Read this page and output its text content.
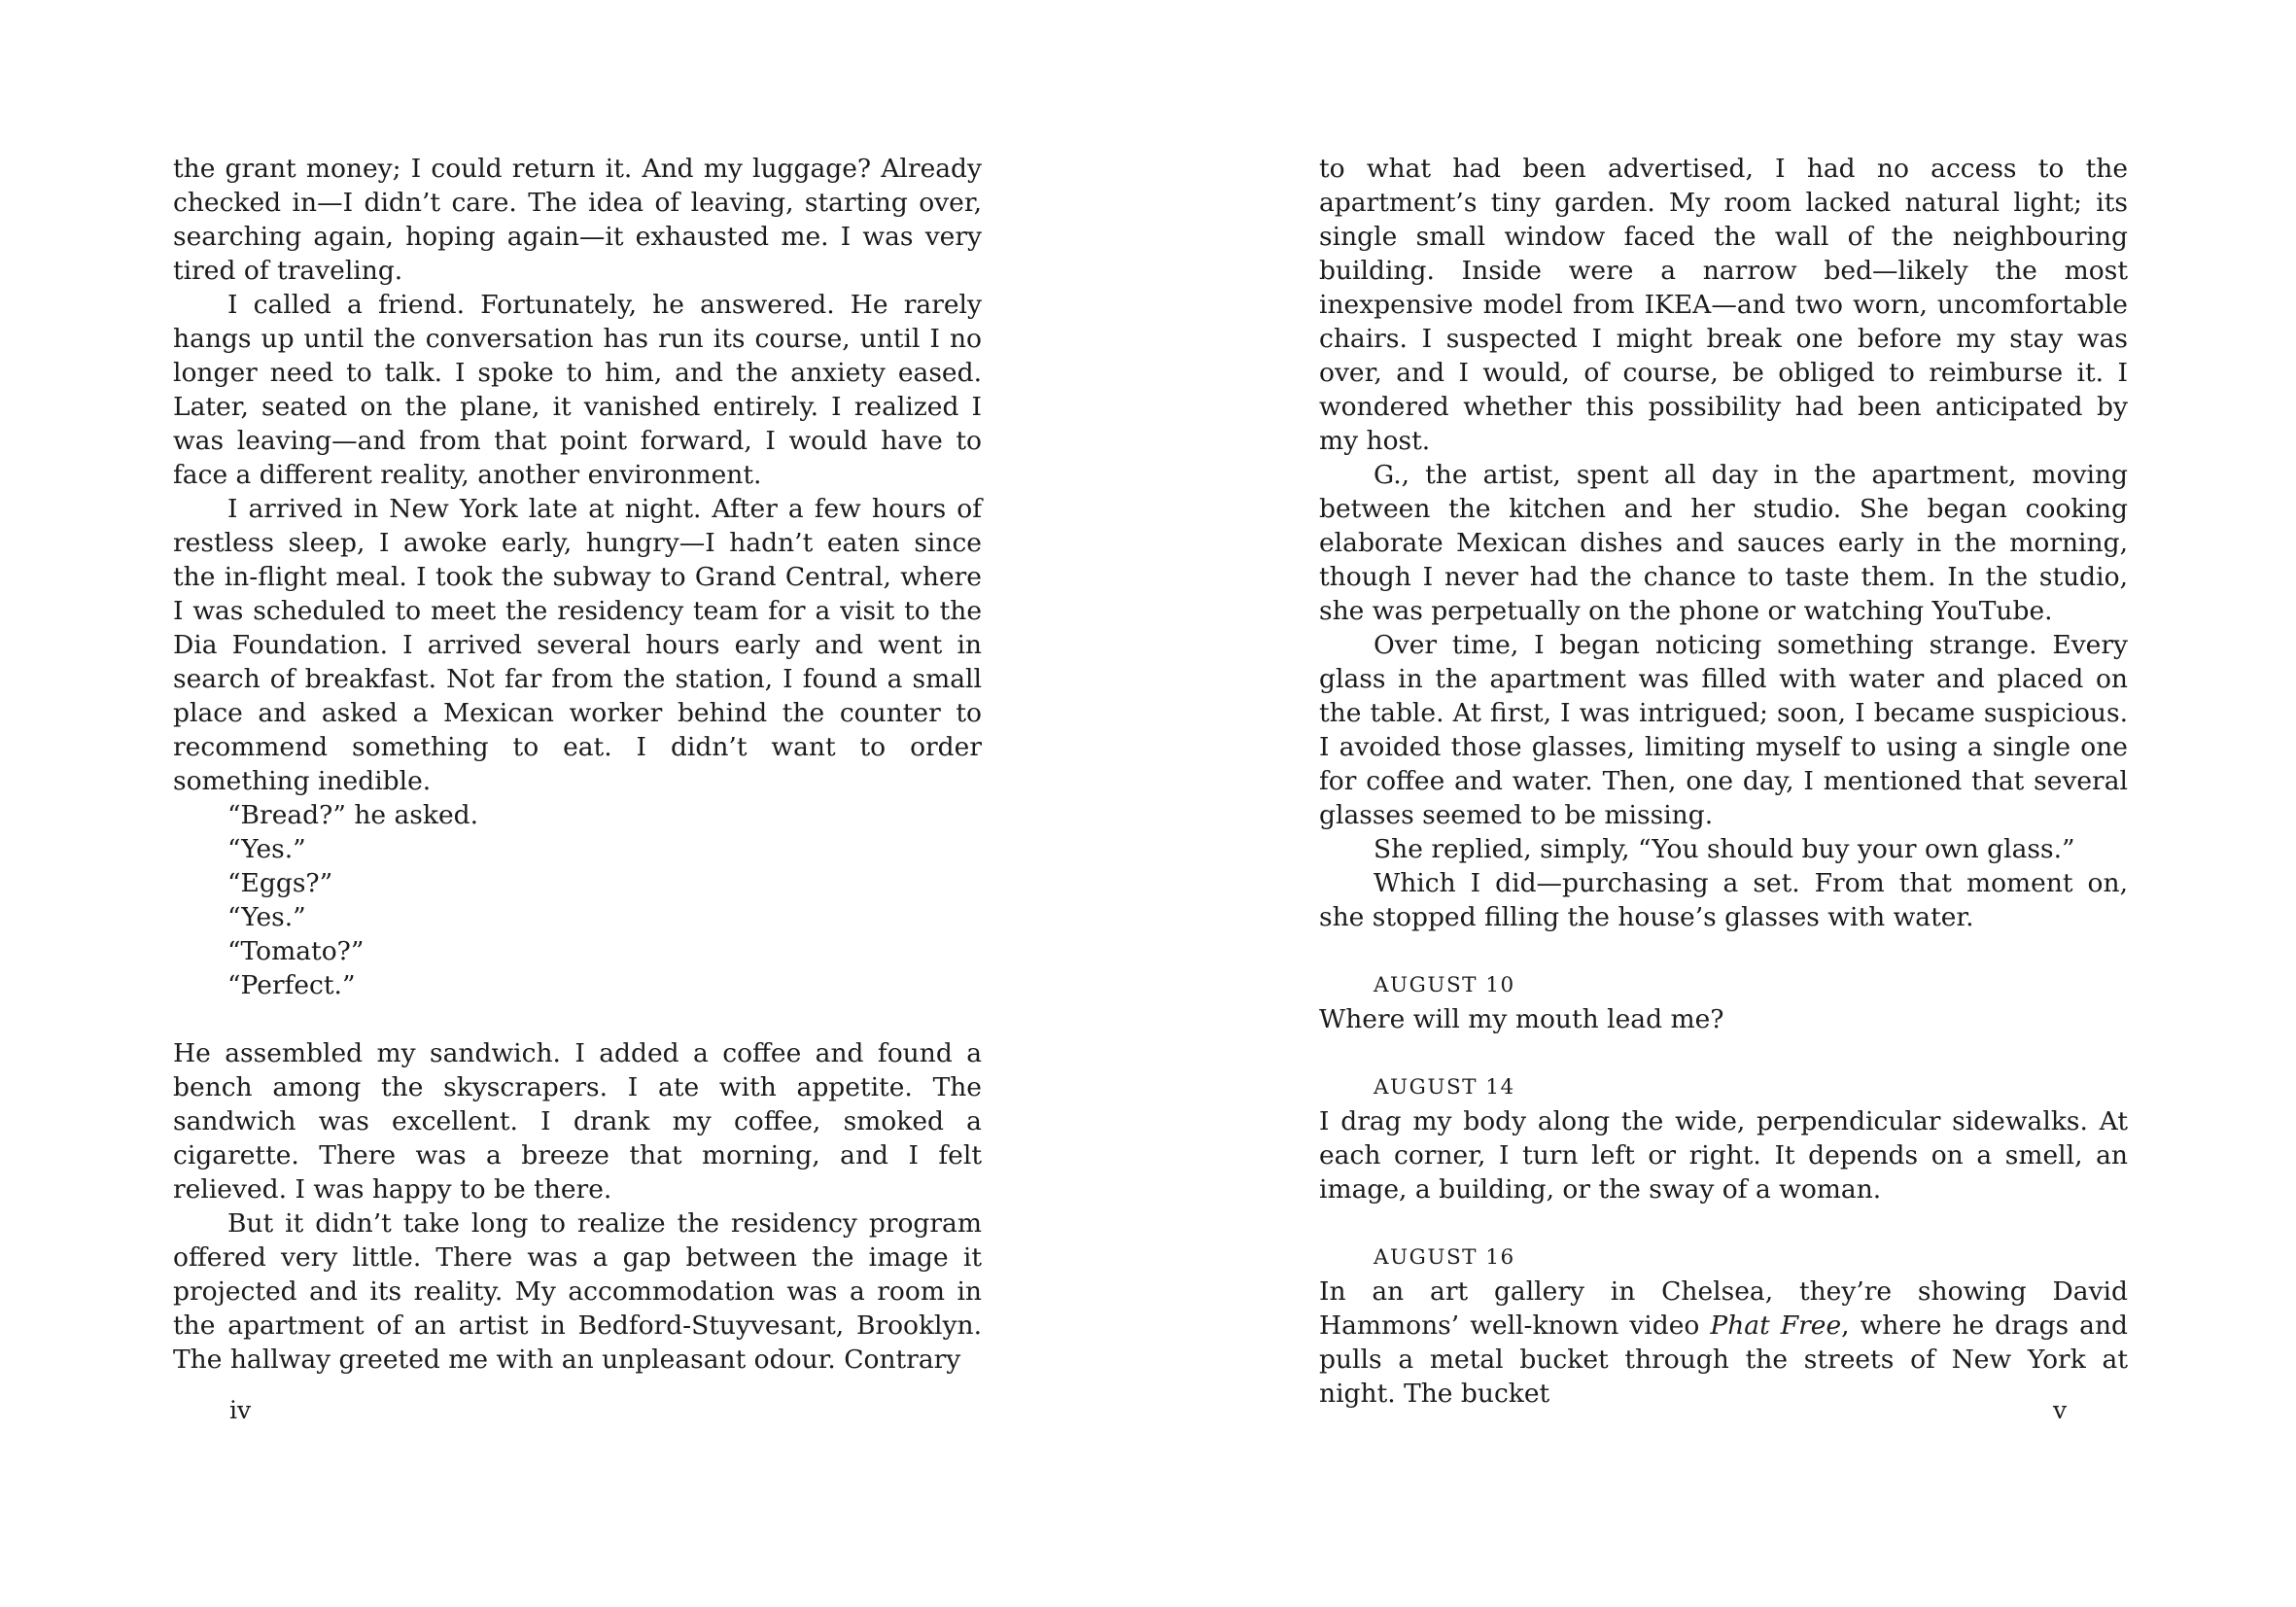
the grant money; I could return it. And my luggage? Already checked in—I didn’t care. The idea of leaving, starting over, searching again, hoping again—it exhausted me. I was very tired of traveling.

I called a friend. Fortunately, he answered. He rarely hangs up until the conversation has run its course, until I no longer need to talk. I spoke to him, and the anxiety eased. Later, seated on the plane, it vanished entirely. I realized I was leaving—and from that point forward, I would have to face a different reality, another environment.

I arrived in New York late at night. After a few hours of restless sleep, I awoke early, hungry—I hadn’t eaten since the in-flight meal. I took the subway to Grand Central, where I was scheduled to meet the residency team for a visit to the Dia Foundation. I arrived several hours early and went in search of breakfast. Not far from the station, I found a small place and asked a Mexican worker behind the counter to recommend something to eat. I didn’t want to order something inedible.

“Bread?” he asked.

“Yes.”

“Eggs?”

“Yes.”

“Tomato?”

“Perfect.”

He assembled my sandwich. I added a coffee and found a bench among the skyscrapers. I ate with appetite. The sandwich was excellent. I drank my coffee, smoked a cigarette. There was a breeze that morning, and I felt relieved. I was happy to be there.

But it didn’t take long to realize the residency program offered very little. There was a gap between the image it projected and its reality. My accommodation was a room in the apartment of an artist in Bedford-Stuyvesant, Brooklyn. The hallway greeted me with an unpleasant odour. Contrary

to what had been advertised, I had no access to the apartment’s tiny garden. My room lacked natural light; its single small window faced the wall of the neighbouring building. Inside were a narrow bed—likely the most inexpensive model from IKEA—and two worn, uncomfortable chairs. I suspected I might break one before my stay was over, and I would, of course, be obliged to reimburse it. I wondered whether this possibility had been anticipated by my host.

G., the artist, spent all day in the apartment, moving between the kitchen and her studio. She began cooking elaborate Mexican dishes and sauces early in the morning, though I never had the chance to taste them. In the studio, she was perpetually on the phone or watching YouTube.

Over time, I began noticing something strange. Every glass in the apartment was filled with water and placed on the table. At first, I was intrigued; soon, I became suspicious. I avoided those glasses, limiting myself to using a single one for coffee and water. Then, one day, I mentioned that several glasses seemed to be missing.

She replied, simply, “You should buy your own glass.”

Which I did—purchasing a set. From that moment on, she stopped filling the house’s glasses with water.

AUGUST 10

Where will my mouth lead me?

AUGUST 14

I drag my body along the wide, perpendicular sidewalks. At each corner, I turn left or right. It depends on a smell, an image, a building, or the sway of a woman.

AUGUST 16

In an art gallery in Chelsea, they’re showing David Hammons’ well-known video Phat Free, where he drags and pulls a metal bucket through the streets of New York at night. The bucket

iv	v
